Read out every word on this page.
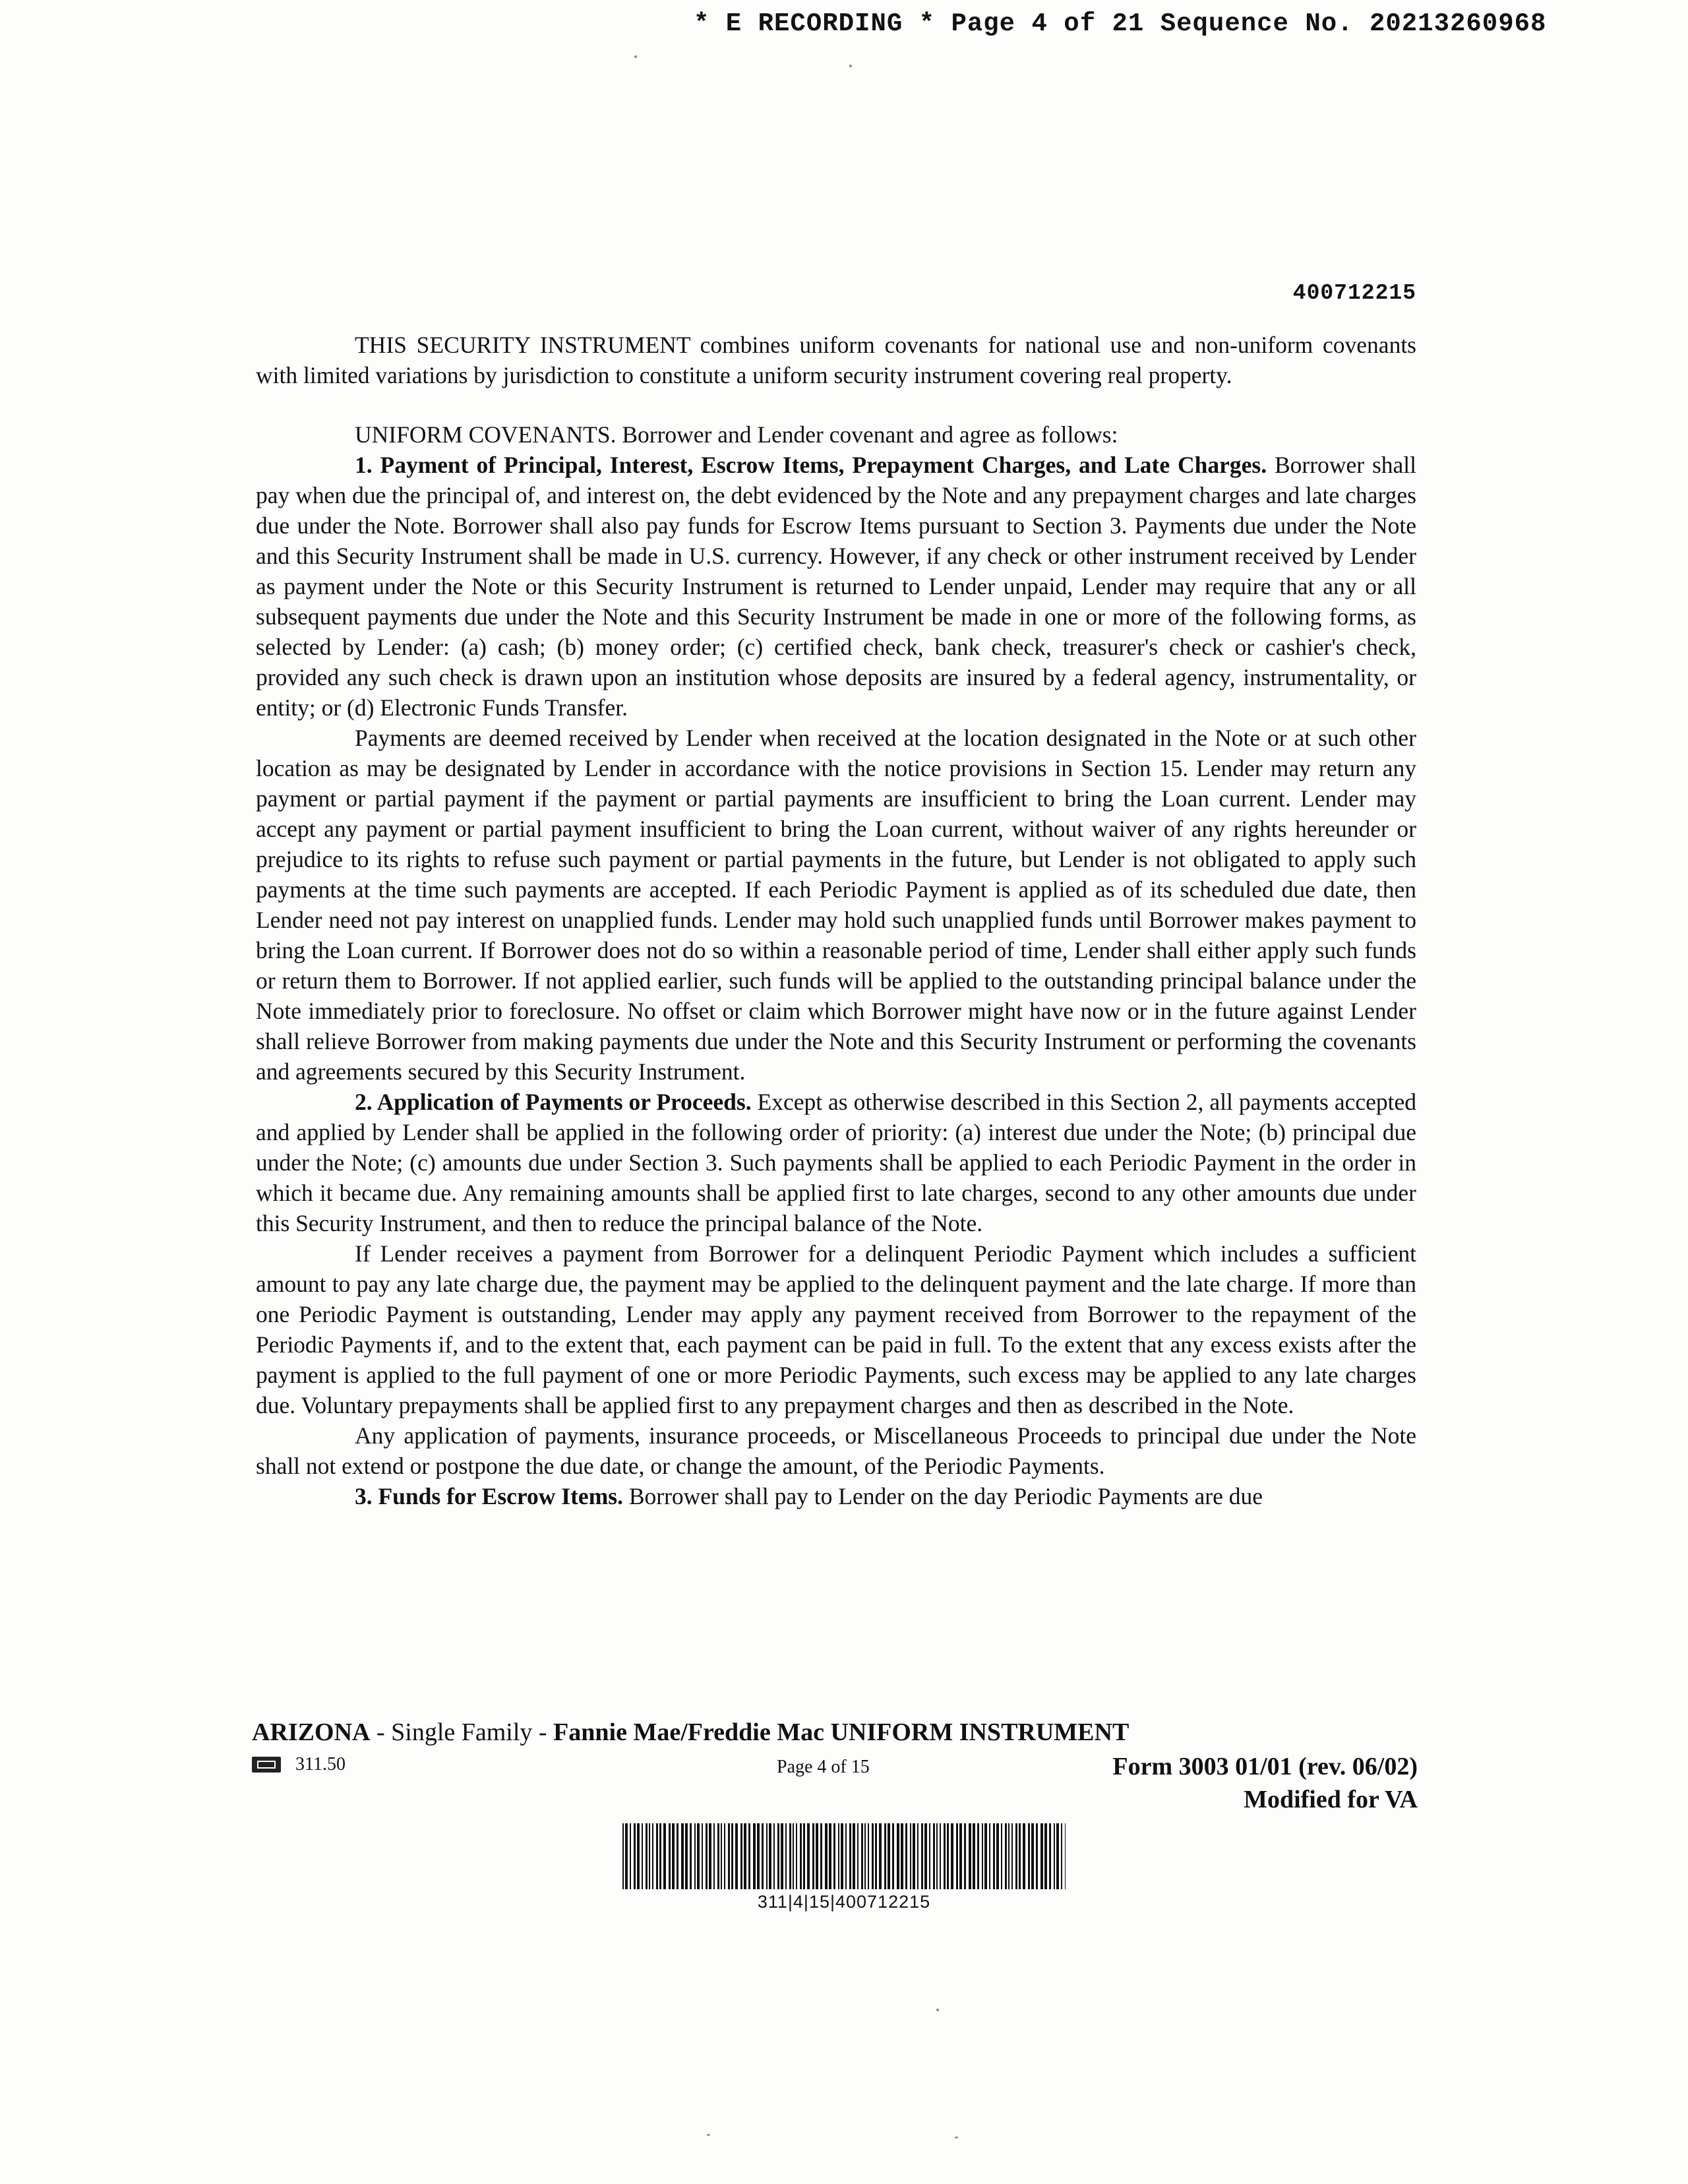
* E RECORDING * Page 4 of 21 Sequence No. 20213260968
400712215

THIS SECURITY INSTRUMENT combines uniform covenants for national use and non-uniform covenants with limited variations by jurisdiction to constitute a uniform security instrument covering real property.

UNIFORM COVENANTS. Borrower and Lender covenant and agree as follows:

1. Payment of Principal, Interest, Escrow Items, Prepayment Charges, and Late Charges. Borrower shall pay when due the principal of, and interest on, the debt evidenced by the Note and any prepayment charges and late charges due under the Note. Borrower shall also pay funds for Escrow Items pursuant to Section 3. Payments due under the Note and this Security Instrument shall be made in U.S. currency. However, if any check or other instrument received by Lender as payment under the Note or this Security Instrument is returned to Lender unpaid, Lender may require that any or all subsequent payments due under the Note and this Security Instrument be made in one or more of the following forms, as selected by Lender: (a) cash; (b) money order; (c) certified check, bank check, treasurer's check or cashier's check, provided any such check is drawn upon an institution whose deposits are insured by a federal agency, instrumentality, or entity; or (d) Electronic Funds Transfer.

Payments are deemed received by Lender when received at the location designated in the Note or at such other location as may be designated by Lender in accordance with the notice provisions in Section 15. Lender may return any payment or partial payment if the payment or partial payments are insufficient to bring the Loan current. Lender may accept any payment or partial payment insufficient to bring the Loan current, without waiver of any rights hereunder or prejudice to its rights to refuse such payment or partial payments in the future, but Lender is not obligated to apply such payments at the time such payments are accepted. If each Periodic Payment is applied as of its scheduled due date, then Lender need not pay interest on unapplied funds. Lender may hold such unapplied funds until Borrower makes payment to bring the Loan current. If Borrower does not do so within a reasonable period of time, Lender shall either apply such funds or return them to Borrower. If not applied earlier, such funds will be applied to the outstanding principal balance under the Note immediately prior to foreclosure. No offset or claim which Borrower might have now or in the future against Lender shall relieve Borrower from making payments due under the Note and this Security Instrument or performing the covenants and agreements secured by this Security Instrument.

2. Application of Payments or Proceeds. Except as otherwise described in this Section 2, all payments accepted and applied by Lender shall be applied in the following order of priority: (a) interest due under the Note; (b) principal due under the Note; (c) amounts due under Section 3. Such payments shall be applied to each Periodic Payment in the order in which it became due. Any remaining amounts shall be applied first to late charges, second to any other amounts due under this Security Instrument, and then to reduce the principal balance of the Note.

If Lender receives a payment from Borrower for a delinquent Periodic Payment which includes a sufficient amount to pay any late charge due, the payment may be applied to the delinquent payment and the late charge. If more than one Periodic Payment is outstanding, Lender may apply any payment received from Borrower to the repayment of the Periodic Payments if, and to the extent that, each payment can be paid in full. To the extent that any excess exists after the payment is applied to the full payment of one or more Periodic Payments, such excess may be applied to any late charges due. Voluntary prepayments shall be applied first to any prepayment charges and then as described in the Note.

Any application of payments, insurance proceeds, or Miscellaneous Proceeds to principal due under the Note shall not extend or postpone the due date, or change the amount, of the Periodic Payments.

3. Funds for Escrow Items. Borrower shall pay to Lender on the day Periodic Payments are due

ARIZONA - Single Family - Fannie Mae/Freddie Mac UNIFORM INSTRUMENT
311.50	Page 4 of 15	Form 3003 01/01 (rev. 06/02)
Modified for VA
311|4|15|400712215
